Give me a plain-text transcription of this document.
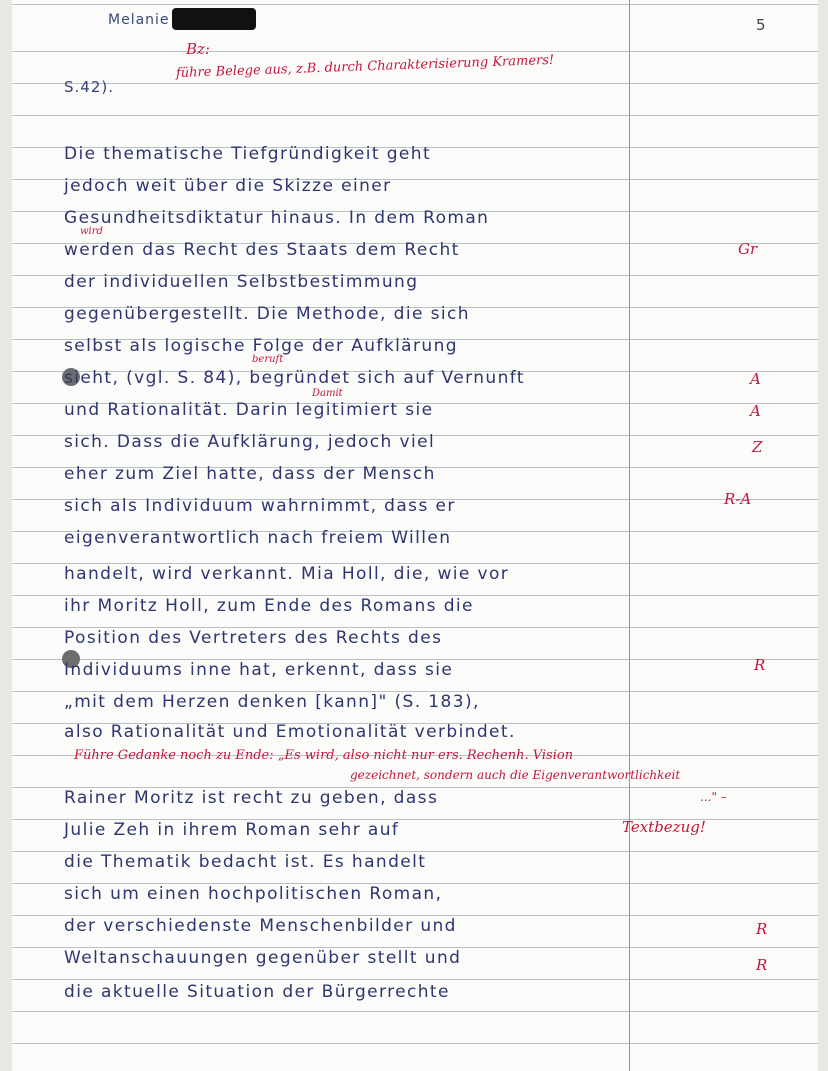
Melanie	5
S.42).
Bz:
führe Belege aus, z.B. durch Charakterisierung Kramers!
Die thematische Tiefgründigkeit geht
jedoch weit über die Skizze einer
Gesundheitsdiktatur hinaus. In dem Roman
wird
werden das Recht des Staats dem Recht
der individuellen Selbstbestimmung
gegenübergestellt. Die Methode, die sich
selbst als logische Folge der Aufklärung
beruft
sieht, (vgl. S. 84), begründet sich auf Vernunft
Damit
und Rationalität. Darin legitimiert sie
sich. Dass die Aufklärung, jedoch viel
eher zum Ziel hatte, dass der Mensch
sich als Individuum wahrnimmt, dass er
eigenverantwortlich nach freiem Willen
handelt, wird verkannt. Mia Holl, die, wie vor
ihr Moritz Holl, zum Ende des Romans die
Position des Vertreters des Rechts des
Individuums inne hat, erkennt, dass sie
„mit dem Herzen denken [kann]" (S. 183),
also Rationalität und Emotionalität verbindet.
Führe Gedanke noch zu Ende: „Es wird, also nicht nur ers. Rechenh. Vision
gezeichnet, sondern auch die Eigenverantwortlichkeit
..." –
Rainer Moritz ist recht zu geben, dass
Julie Zeh in ihrem Roman sehr auf	Textbezug!
die Thematik bedacht ist. Es handelt
sich um einen hochpolitischen Roman,
der verschiedenste Menschenbilder und
Weltanschauungen gegenüber stellt und
die aktuelle Situation der Bürgerrechte
Gr
A
A
Z
R-A
R
R
R
